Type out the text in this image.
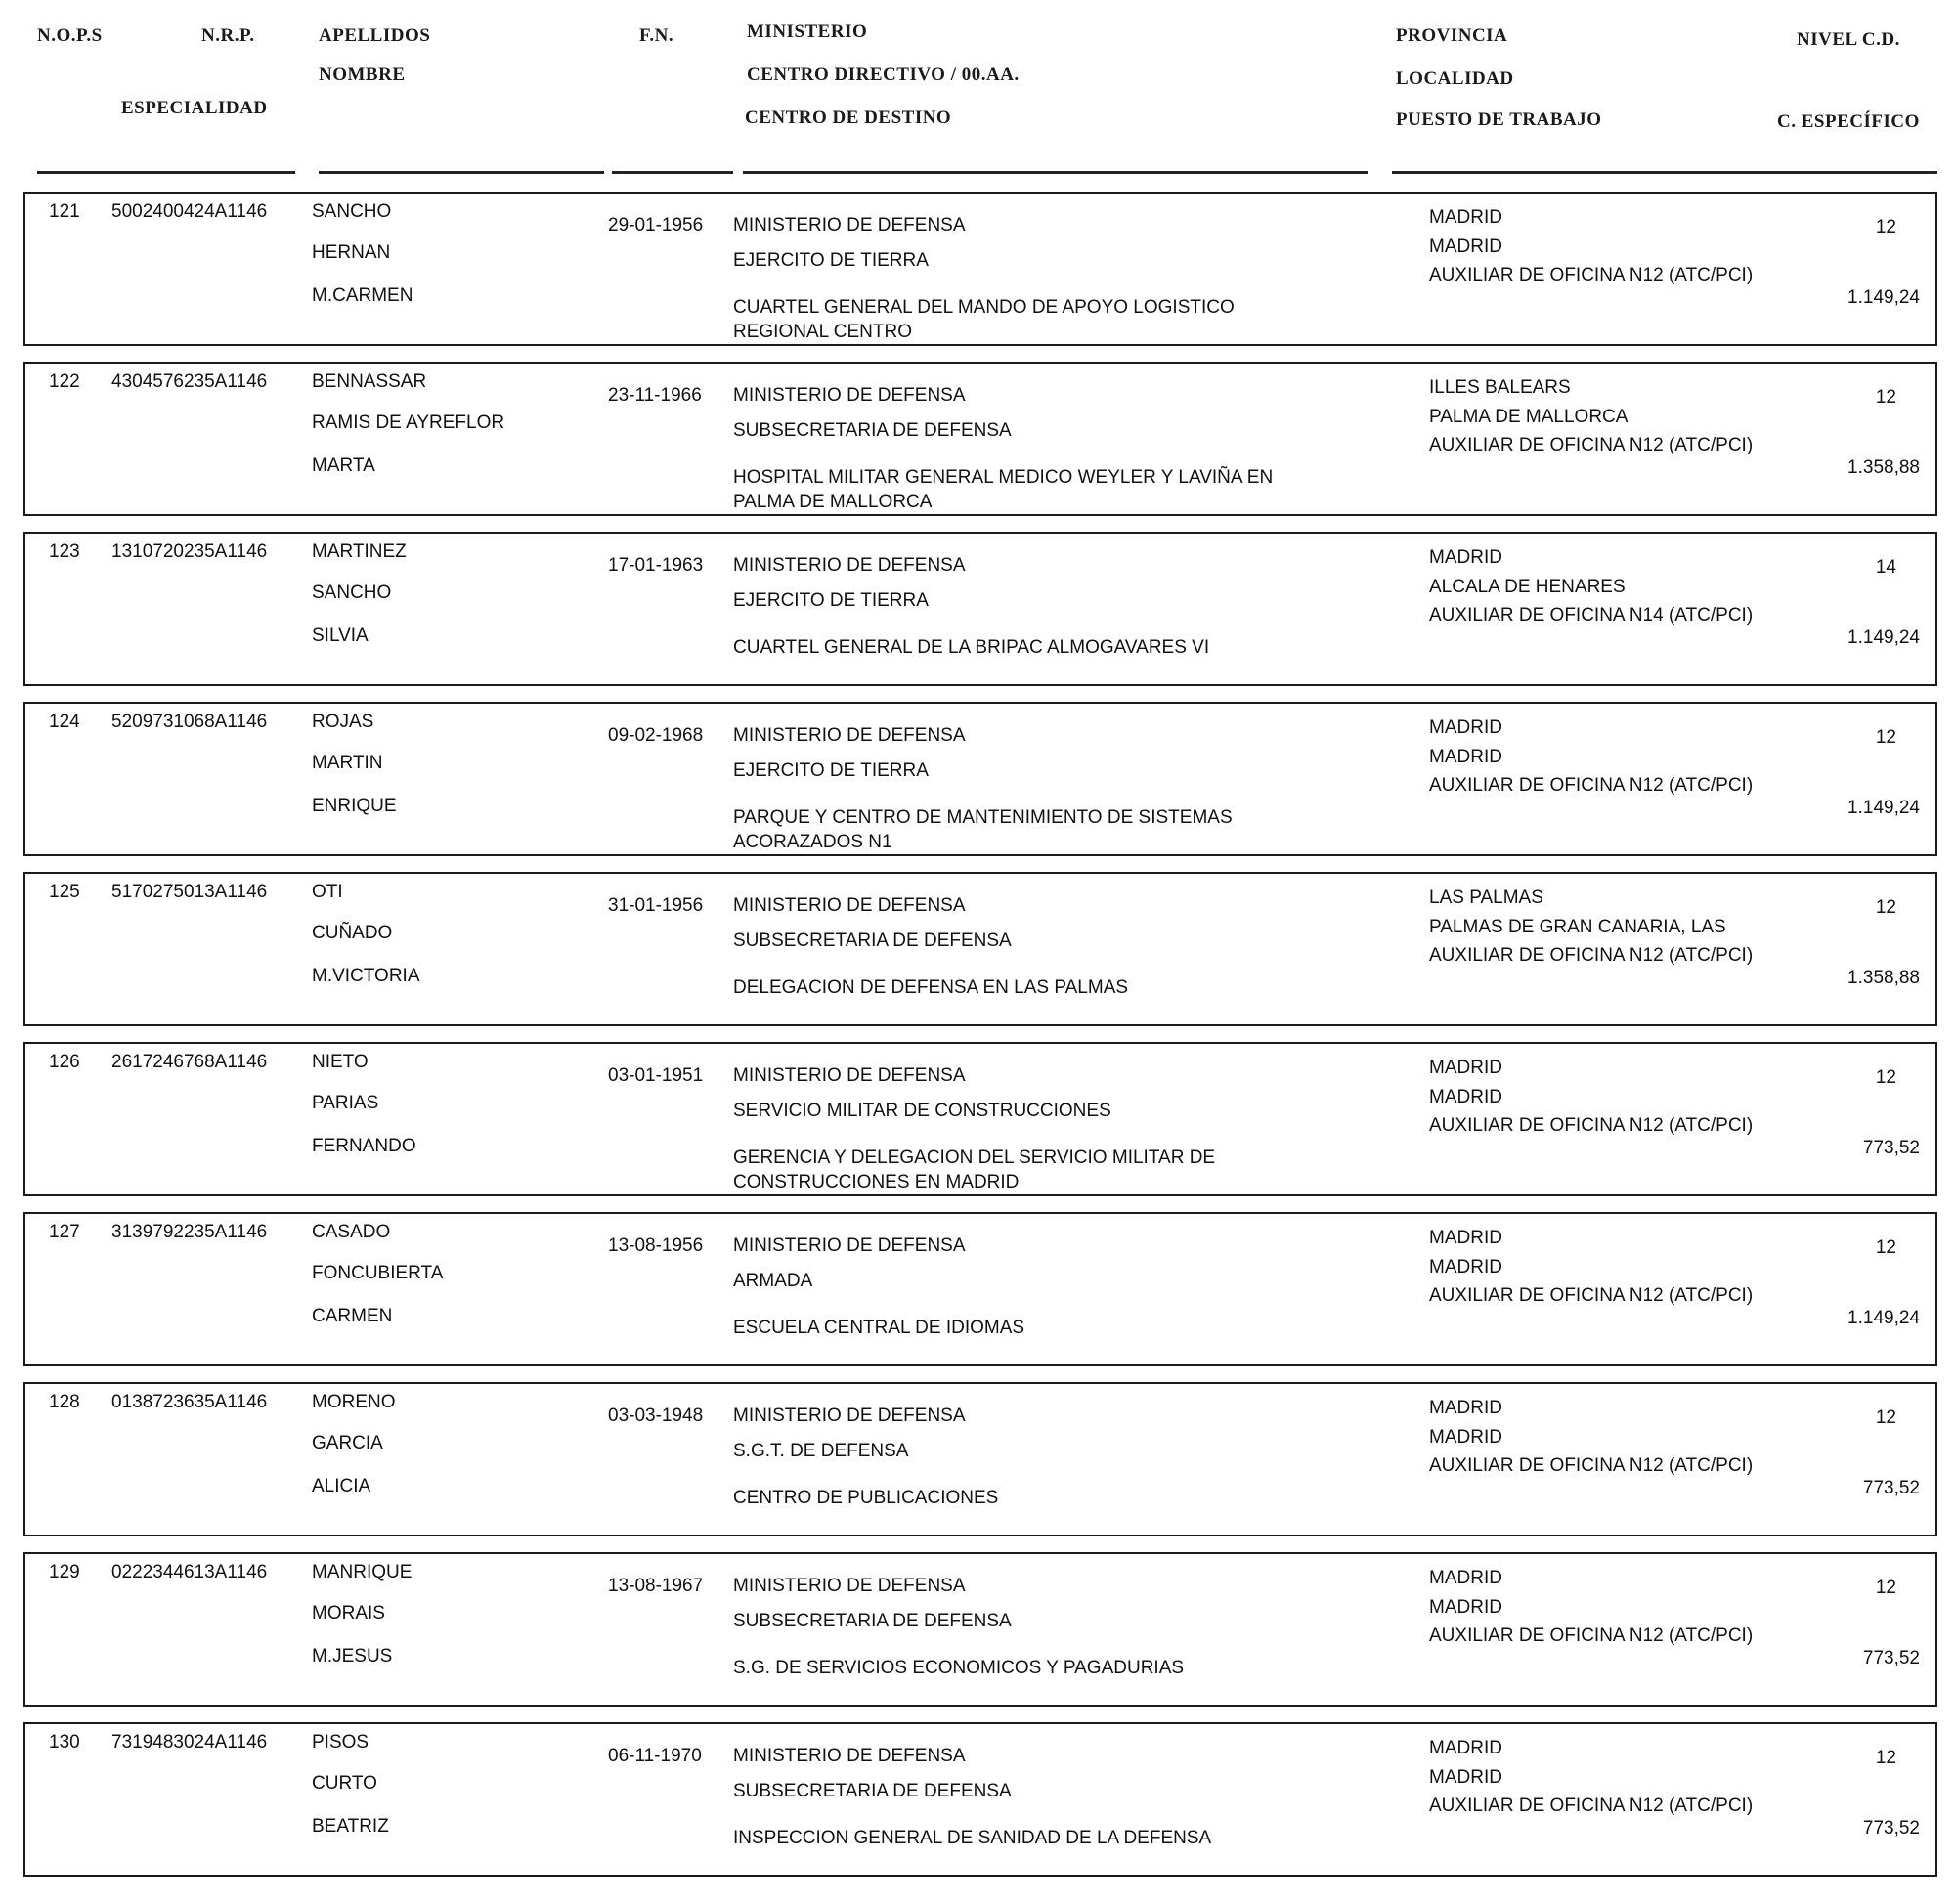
N.O.P.S	N.R.P.
ESPECIALIDAD
APELLIDOS
NOMBRE
F.N.	MINISTERIO
CENTRO DIRECTIVO / 00.AA.
CENTRO DE DESTINO
PROVINCIA
LOCALIDAD
PUESTO DE TRABAJO
NIVEL C.D.
C. ESPECÍFICO
121 5002400424A1146 SANCHO
HERNAN
M.CARMEN
29-01-1956 MINISTERIO DE DEFENSA
EJERCITO DE TIERRA
CUARTEL GENERAL DEL MANDO DE APOYO LOGISTICO REGIONAL CENTRO
MADRID
MADRID
AUXILIAR DE OFICINA N12 (ATC/PCI)
12
1.149,24
122 4304576235A1146 BENNASSAR
RAMIS DE AYREFLOR
MARTA
23-11-1966 MINISTERIO DE DEFENSA
SUBSECRETARIA DE DEFENSA
HOSPITAL MILITAR GENERAL MEDICO WEYLER Y LAVIÑA EN PALMA DE MALLORCA
ILLES BALEARS
PALMA DE MALLORCA
AUXILIAR DE OFICINA N12 (ATC/PCI)
12
1.358,88
123 1310720235A1146 MARTINEZ
SANCHO
SILVIA
17-01-1963 MINISTERIO DE DEFENSA
EJERCITO DE TIERRA
CUARTEL GENERAL DE LA BRIPAC ALMOGAVARES VI
MADRID
ALCALA DE HENARES
AUXILIAR DE OFICINA N14 (ATC/PCI)
14
1.149,24
124 5209731068A1146 ROJAS
MARTIN
ENRIQUE
09-02-1968 MINISTERIO DE DEFENSA
EJERCITO DE TIERRA
PARQUE Y CENTRO DE MANTENIMIENTO DE SISTEMAS ACORAZADOS N1
MADRID
MADRID
AUXILIAR DE OFICINA N12 (ATC/PCI)
12
1.149,24
125 5170275013A1146 OTI
CUÑADO
M.VICTORIA
31-01-1956 MINISTERIO DE DEFENSA
SUBSECRETARIA DE DEFENSA
DELEGACION DE DEFENSA EN LAS PALMAS
LAS PALMAS
PALMAS DE GRAN CANARIA, LAS
AUXILIAR DE OFICINA N12 (ATC/PCI)
12
1.358,88
126 2617246768A1146 NIETO
PARIAS
FERNANDO
03-01-1951 MINISTERIO DE DEFENSA
SERVICIO MILITAR DE CONSTRUCCIONES
GERENCIA Y DELEGACION DEL SERVICIO MILITAR DE CONSTRUCCIONES EN MADRID
MADRID
MADRID
AUXILIAR DE OFICINA N12 (ATC/PCI)
12
773,52
127 3139792235A1146 CASADO
FONCUBIERTA
CARMEN
13-08-1956 MINISTERIO DE DEFENSA
ARMADA
ESCUELA CENTRAL DE IDIOMAS
MADRID
MADRID
AUXILIAR DE OFICINA N12 (ATC/PCI)
12
1.149,24
128 0138723635A1146 MORENO
GARCIA
ALICIA
03-03-1948 MINISTERIO DE DEFENSA
S.G.T. DE DEFENSA
CENTRO DE PUBLICACIONES
MADRID
MADRID
AUXILIAR DE OFICINA N12 (ATC/PCI)
12
773,52
129 0222344613A1146 MANRIQUE
MORAIS
M.JESUS
13-08-1967 MINISTERIO DE DEFENSA
SUBSECRETARIA DE DEFENSA
S.G. DE SERVICIOS ECONOMICOS Y PAGADURIAS
MADRID
MADRID
AUXILIAR DE OFICINA N12 (ATC/PCI)
12
773,52
130 7319483024A1146 PISOS
CURTO
BEATRIZ
06-11-1970 MINISTERIO DE DEFENSA
SUBSECRETARIA DE DEFENSA
INSPECCION GENERAL DE SANIDAD DE LA DEFENSA
MADRID
MADRID
AUXILIAR DE OFICINA N12 (ATC/PCI)
12
773,52
